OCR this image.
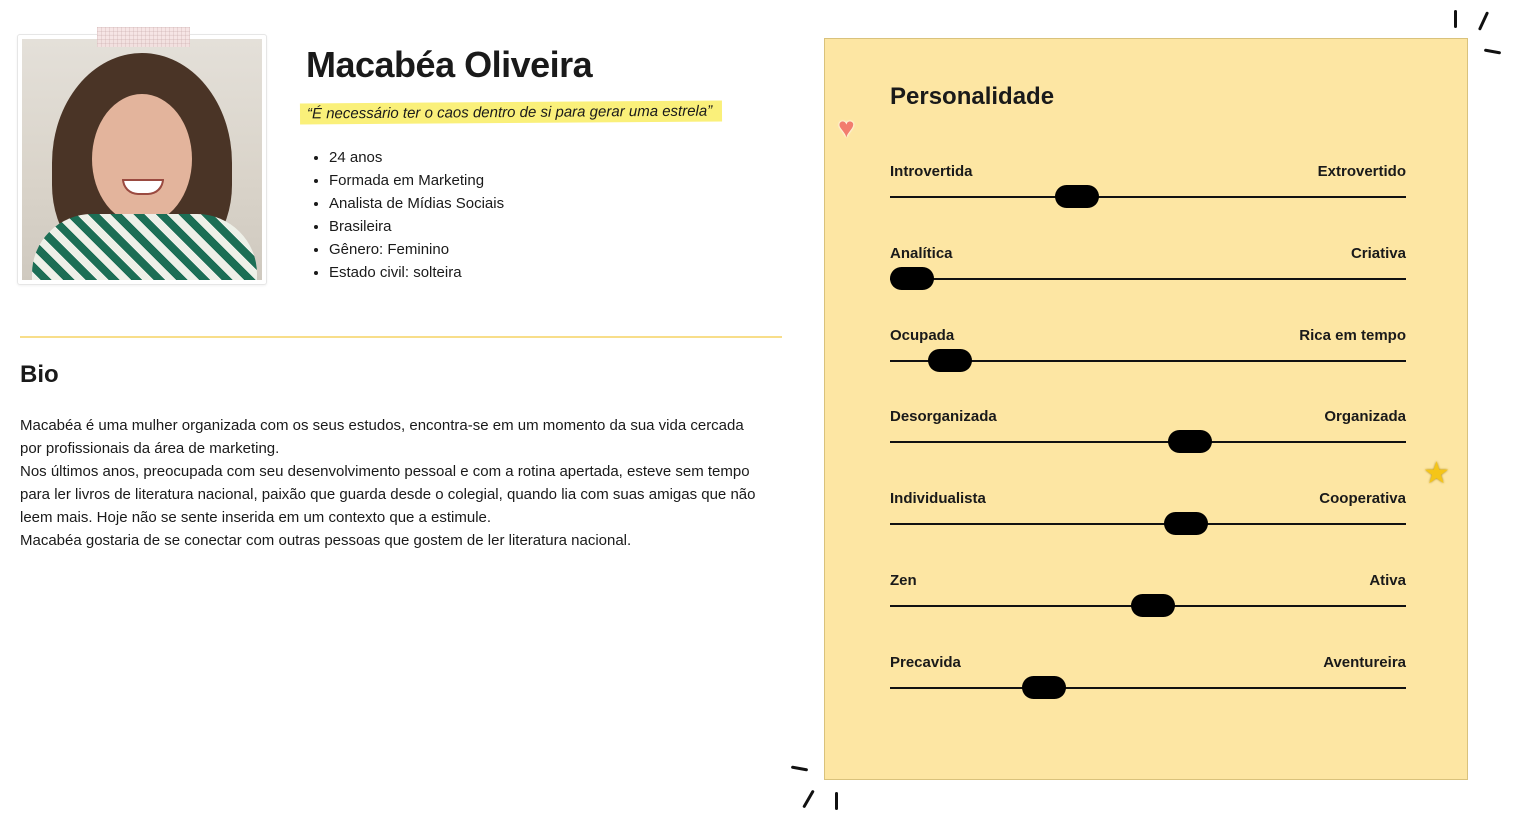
Macabéa Oliveira
“É necessário ter o caos dentro de si para gerar uma estrela”
• 24 anos
• Formada em Marketing
• Analista de Mídias Sociais
• Brasileira
• Gênero: Feminino
• Estado civil: solteira
Bio

Macabéa é uma mulher organizada com os seus estudos, encontra-se em um momento da sua vida cercada por profissionais da área de marketing.

Nos últimos anos, preocupada com seu desenvolvimento pessoal e com a rotina apertada, esteve sem tempo para ler livros de literatura nacional, paixão que guarda desde o colegial, quando lia com suas amigas que não leem mais. Hoje não se sente inserida em um contexto que a estimule.

Macabéa gostaria de se conectar com outras pessoas que gostem de ler literatura nacional.

Personalidade
Introvertida	Extrovertido
Analítica	Criativa
Ocupada	Rica em tempo
Desorganizada	Organizada
Individualista	Cooperativa
Zen	Ativa
Precavida	Aventureira
♥
★
